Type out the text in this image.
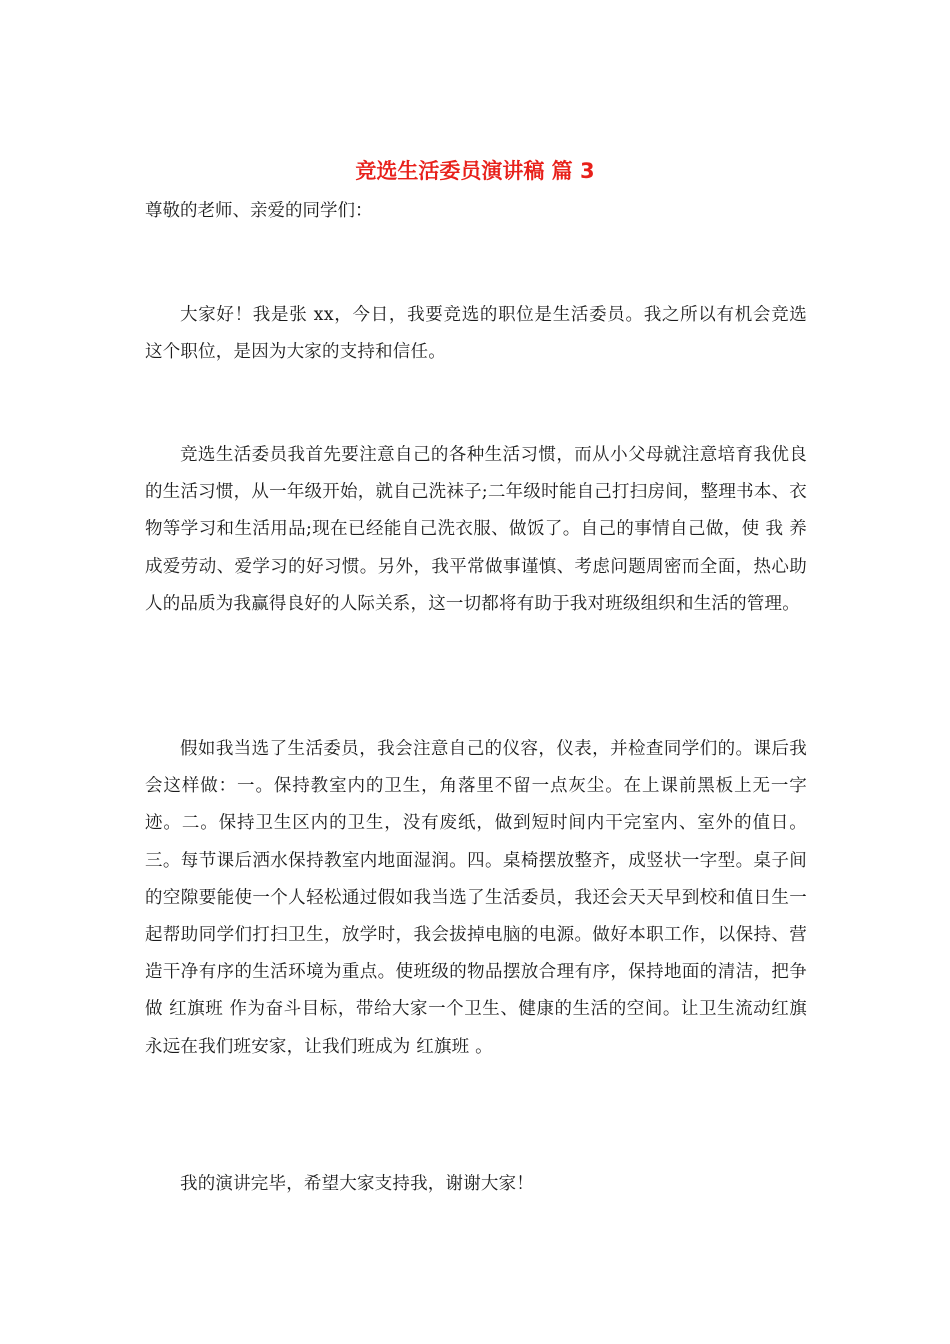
竞选生活委员演讲稿 篇 3

尊敬的老师、亲爱的同学们：

大家好！我是张 xx，今日，我要竞选的职位是生活委员。我之所以有机会竞选这个职位，是因为大家的支持和信任。

竞选生活委员我首先要注意自己的各种生活习惯，而从小父母就注意培育我优良的生活习惯，从一年级开始，就自己洗袜子;二年级时能自己打扫房间，整理书本、衣物等学习和生活用品;现在已经能自己洗衣服、做饭了。自己的事情自己做，使 我 养成爱劳动、爱学习的好习惯。另外，我平常做事谨慎、考虑问题周密而全面，热心助人的品质为我赢得良好的人际关系，这一切都将有助于我对班级组织和生活的管理。

假如我当选了生活委员，我会注意自己的仪容，仪表，并检查同学们的。课后我会这样做：一。保持教室内的卫生，角落里不留一点灰尘。在上课前黑板上无一字迹。二。保持卫生区内的卫生，没有废纸，做到短时间内干完室内、室外的值日。三。每节课后洒水保持教室内地面湿润。四。桌椅摆放整齐，成竖状一字型。桌子间的空隙要能使一个人轻松通过假如我当选了生活委员，我还会天天早到校和值日生一起帮助同学们打扫卫生，放学时，我会拔掉电脑的电源。做好本职工作，以保持、营造干净有序的生活环境为重点。使班级的物品摆放合理有序，保持地面的清洁，把争做 红旗班 作为奋斗目标，带给大家一个卫生、健康的生活的空间。让卫生流动红旗永远在我们班安家，让我们班成为 红旗班 。

我的演讲完毕，希望大家支持我，谢谢大家！
